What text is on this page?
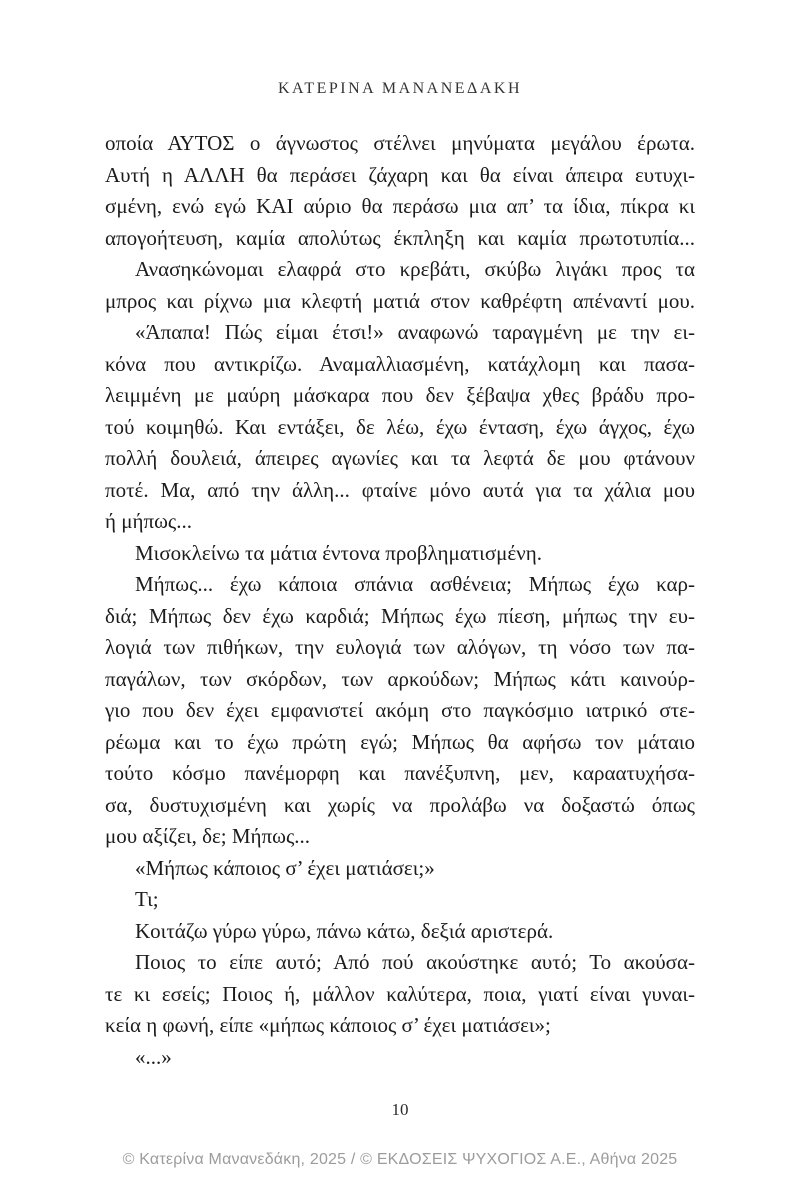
ΚΑΤΕΡΙΝΑ ΜΑΝΑΝΕΔΑΚΗ
οποία ΑΥΤΟΣ ο άγνωστος στέλνει μηνύματα μεγάλου έρωτα.
Αυτή η ΑΛΛΗ θα περάσει ζάχαρη και θα είναι άπειρα ευτυχι-
σμένη, ενώ εγώ ΚΑΙ αύριο θα περάσω μια απ’ τα ίδια, πίκρα κι
απογοήτευση, καμία απολύτως έκπληξη και καμία πρωτοτυπία...
Ανασηκώνομαι ελαφρά στο κρεβάτι, σκύβω λιγάκι προς τα
μπρος και ρίχνω μια κλεφτή ματιά στον καθρέφτη απέναντί μου.
«Άπαπα! Πώς είμαι έτσι!» αναφωνώ ταραγμένη με την ει-
κόνα που αντικρίζω. Αναμαλλιασμένη, κατάχλομη και πασα-
λειμμένη με μαύρη μάσκαρα που δεν ξέβαψα χθες βράδυ προ-
τού κοιμηθώ. Και εντάξει, δε λέω, έχω ένταση, έχω άγχος, έχω
πολλή δουλειά, άπειρες αγωνίες και τα λεφτά δε μου φτάνουν
ποτέ. Μα, από την άλλη... φταίνε μόνο αυτά για τα χάλια μου
ή μήπως...
Μισοκλείνω τα μάτια έντονα προβληματισμένη.
Μήπως... έχω κάποια σπάνια ασθένεια; Μήπως έχω καρ-
διά; Μήπως δεν έχω καρδιά; Μήπως έχω πίεση, μήπως την ευ-
λογιά των πιθήκων, την ευλογιά των αλόγων, τη νόσο των πα-
παγάλων, των σκόρδων, των αρκούδων; Μήπως κάτι καινούρ-
γιο που δεν έχει εμφανιστεί ακόμη στο παγκόσμιο ιατρικό στε-
ρέωμα και το έχω πρώτη εγώ; Μήπως θα αφήσω τον μάταιο
τούτο κόσμο πανέμορφη και πανέξυπνη, μεν, καραατυχήσα-
σα, δυστυχισμένη και χωρίς να προλάβω να δοξαστώ όπως
μου αξίζει, δε; Μήπως...
«Μήπως κάποιος σ’ έχει ματιάσει;»
Τι;
Κοιτάζω γύρω γύρω, πάνω κάτω, δεξιά αριστερά.
Ποιος το είπε αυτό; Από πού ακούστηκε αυτό; Το ακούσα-
τε κι εσείς; Ποιος ή, μάλλον καλύτερα, ποια, γιατί είναι γυναι-
κεία η φωνή, είπε «μήπως κάποιος σ’ έχει ματιάσει»;
«...»
10
© Κατερίνα Μανανεδάκη, 2025 / © ΕΚΔΟΣΕΙΣ ΨΥΧΟΓΙΟΣ Α.Ε., Αθήνα 2025
